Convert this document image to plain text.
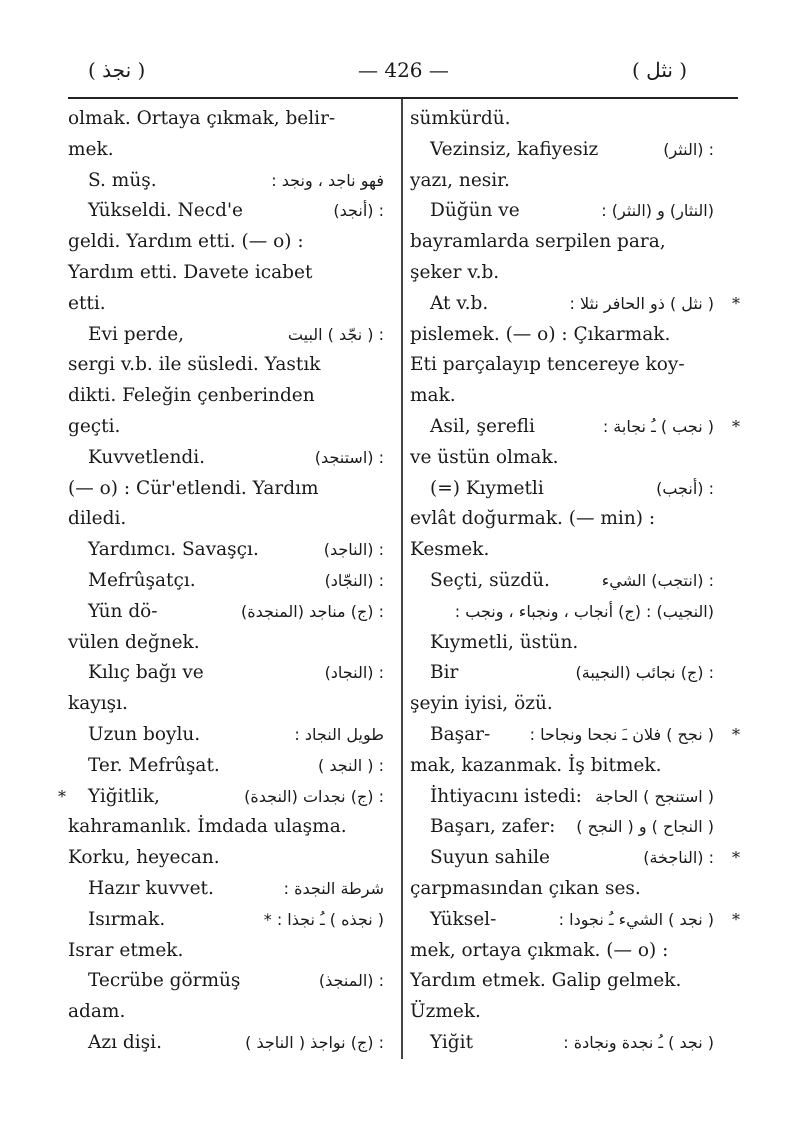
( نجذ )	— 426 —	( نثل )
olmak. Ortaya çıkmak, belir-
mek.
S. müş.	فهو ناجد ، ونجد :
Yükseldi. Necd'e	: (أنجد)
geldi. Yardım etti. (— o) :
Yardım etti. Davete icabet
etti.
Evi perde,	: ( نجّد ) البيت
sergi v.b. ile süsledi. Yastık
dikti. Feleğin çenberinden
geçti.
Kuvvetlendi.	: (استنجد)
(— o) : Cür'etlendi. Yardım
diledi.
Yardımcı. Savaşçı.	: (الناجد)
Mefrûşatçı.	: (النجّاد)
Yün dö-	: (ج) مناجد (المنجدة)
vülen değnek.
Kılıç bağı ve	: (النجاد)
kayışı.
Uzun boylu.	طويل النجاد :
Ter. Mefrûşat.	: ( النجد )
Yiğitlik,	: (ج) نجدات (النجدة)
*
kahramanlık. İmdada ulaşma.
Korku, heyecan.
Hazır kuvvet.	شرطة النجدة :
Isırmak.	( نجذه ) ـُ نجذا : *
Israr etmek.
Tecrübe görmüş	: (المنجذ)
adam.
Azı dişi.	: (ج) نواجذ ( الناجذ )
sümkürdü.
Vezinsiz, kafiyesiz	: (النثر)
yazı, nesir.
Düğün ve	(النثار) و (النثر) :
bayramlarda serpilen para,
şeker v.b.
At v.b.	( نثل ) ذو الحافر نثلا : *
pislemek. (— o) : Çıkarmak.
Eti parçalayıp tencereye koy-
mak.
Asil, şerefli	( نجب ) ـُ نجابة : *
ve üstün olmak.
(=) Kıymetli	: (أنجب)
evlât doğurmak. (— min) :
Kesmek.
Seçti, süzdü.	: (انتجب) الشيء
(النجيب) : (ج) أنجاب ، ونجباء ، ونجب :
Kıymetli, üstün.
Bir	: (ج) نجائب (النجيبة)
şeyin iyisi, özü.
Başar- ( نجح ) فلان ـَ نجحا ونجاحا : *
mak, kazanmak. İş bitmek.
İhtiyacını istedi: ( استنجح ) الحاجة
Başarı, zafer: ( النجاح ) و ( النجح )
Suyun sahile	: (الناجخة) *
çarpmasından çıkan ses.
Yüksel-	( نجد ) الشيء ـُ نجودا : *
mek, ortaya çıkmak. (— o) :
Yardım etmek. Galip gelmek.
Üzmek.
Yiğit	( نجد ) ـُ نجدة ونجادة :
